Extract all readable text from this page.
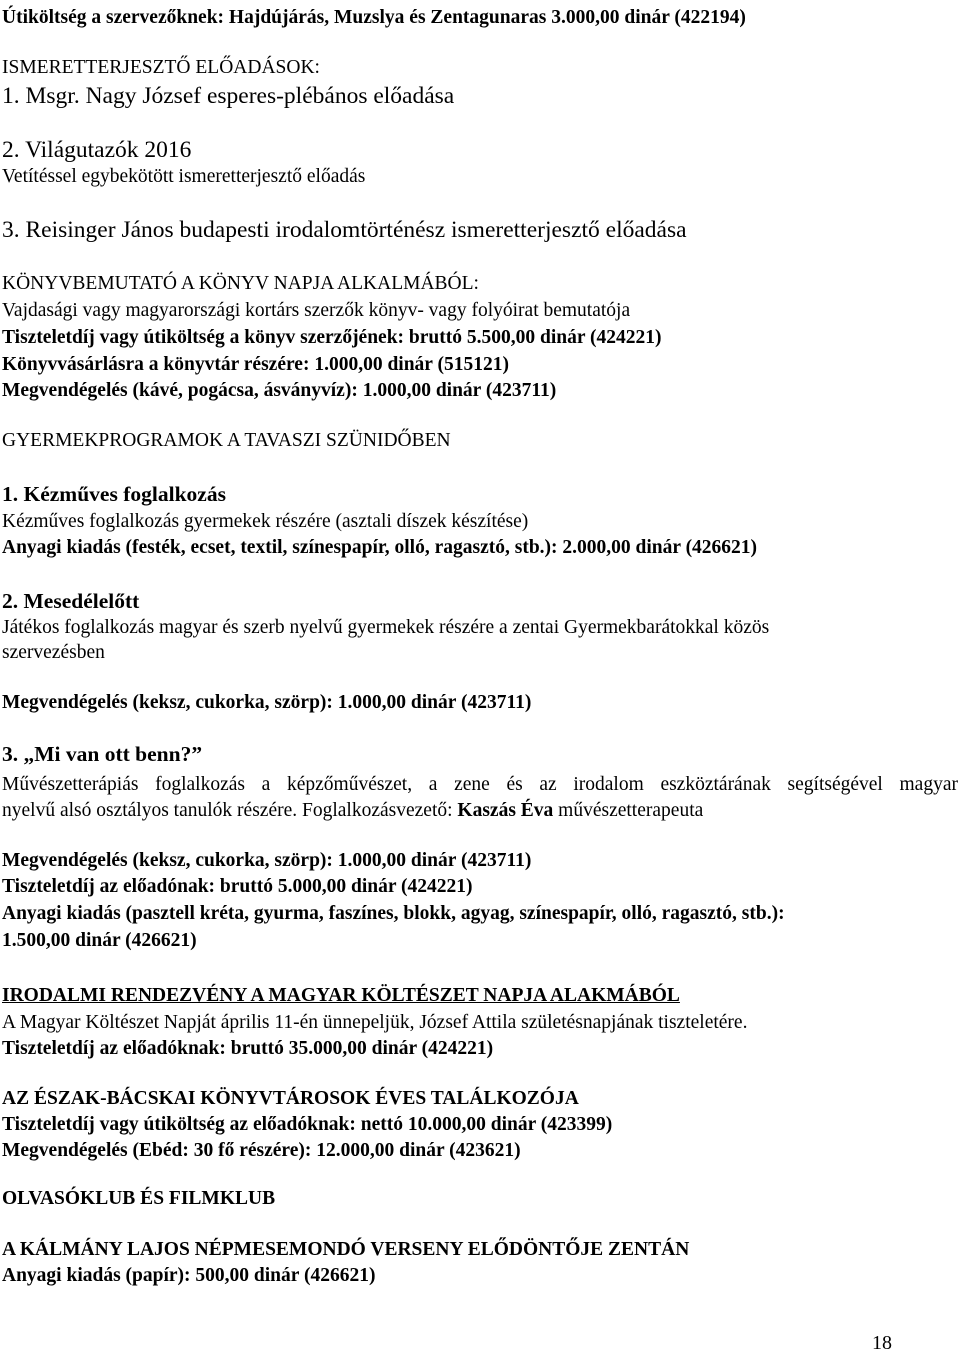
Útiköltség a szervezőknek: Hajdújárás, Muzslya és Zentagunaras 3.000,00 dinár (422194)
ISMERETTERJESZTŐ ELŐADÁSOK:
1. Msgr. Nagy József esperes-plébános előadása
2. Világutazók 2016
Vetítéssel egybekötött ismeretterjesztő előadás
3. Reisinger János budapesti irodalomtörténész ismeretterjesztő előadása
KÖNYVBEMUTATÓ A KÖNYV NAPJA ALKALMÁBÓL:
Vajdasági vagy magyarországi kortárs szerzők könyv- vagy folyóirat bemutatója
Tiszteletdíj vagy útiköltség a könyv szerzőjének: bruttó 5.500,00 dinár (424221)
Könyvvásárlásra a könyvtár részére: 1.000,00 dinár (515121)
Megvendégelés (kávé, pogácsa, ásványvíz): 1.000,00 dinár (423711)
GYERMEKPROGRAMOK A TAVASZI SZÜNIDŐBEN
1. Kézműves foglalkozás
Kézműves foglalkozás gyermekek részére (asztali díszek készítése)
Anyagi kiadás (festék, ecset, textil, színespapír, olló, ragasztó, stb.): 2.000,00 dinár (426621)
2. Mesedélelőtt
Játékos foglalkozás magyar és szerb nyelvű gyermekek részére a zentai Gyermekbarátokkal közös
szervezésben
Megvendégelés (keksz, cukorka, szörp): 1.000,00 dinár (423711)
3. „Mi van ott benn?”
Művészetterápiás foglalkozás a képzőművészet, a zene és az irodalom eszköztárának segítségével magyar
nyelvű alsó osztályos tanulók részére. Foglalkozásvezető: Kaszás Éva művészetterapeuta
Megvendégelés (keksz, cukorka, szörp): 1.000,00 dinár (423711)
Tiszteletdíj az előadónak: bruttó 5.000,00 dinár (424221)
Anyagi kiadás (pasztell kréta, gyurma, faszínes, blokk, agyag, színespapír, olló, ragasztó, stb.):
1.500,00 dinár (426621)
IRODALMI RENDEZVÉNY A MAGYAR KÖLTÉSZET NAPJA ALAKMÁBÓL
A Magyar Költészet Napját április 11-én ünnepeljük, József Attila születésnapjának tiszteletére.
Tiszteletdíj az előadóknak: bruttó 35.000,00 dinár (424221)
AZ ÉSZAK-BÁCSKAI KÖNYVTÁROSOK ÉVES TALÁLKOZÓJA
Tiszteletdíj vagy útiköltség az előadóknak: nettó 10.000,00 dinár (423399)
Megvendégelés (Ebéd: 30 fő részére): 12.000,00 dinár (423621)
OLVASÓKLUB ÉS FILMKLUB
A KÁLMÁNY LAJOS NÉPMESEMONDÓ VERSENY ELŐDÖNTŐJE ZENTÁN
Anyagi kiadás (papír): 500,00 dinár (426621)
18
